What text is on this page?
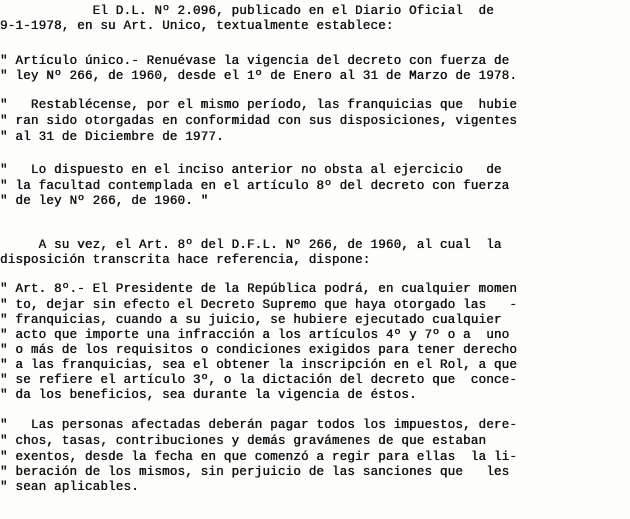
El D.L. Nº 2.096, publicado en el Diario Oficial  de
9-1-1978, en su Art. Unico, textualmente establece:
" Artículo único.- Renuévase la vigencia del decreto con fuerza de
" ley Nº 266, de 1960, desde el 1º de Enero al 31 de Marzo de 1978.
"   Restablécense, por el mismo período, las franquicias que  hubie
" ran sido otorgadas en conformidad con sus disposiciones, vigentes
" al 31 de Diciembre de 1977.
"   Lo dispuesto en el inciso anterior no obsta al ejercicio   de
" la facultad contemplada en el artículo 8º del decreto con fuerza
" de ley Nº 266, de 1960. "
A su vez, el Art. 8º del D.F.L. Nº 266, de 1960, al cual  la
disposición transcrita hace referencia, dispone:
" Art. 8º.- El Presidente de la República podrá, en cualquier momen
" to, dejar sin efecto el Decreto Supremo que haya otorgado las   -
" franquicias, cuando a su juicio, se hubiere ejecutado cualquier
" acto que importe una infracción a los artículos 4º y 7º o a  uno
" o más de los requisitos o condiciones exigidos para tener derecho
" a las franquicias, sea el obtener la inscripción en el Rol, a que
" se refiere el artículo 3º, o la dictación del decreto que  conce-
" da los beneficios, sea durante la vigencia de éstos.
"   Las personas afectadas deberán pagar todos los impuestos, dere-
" chos, tasas, contribuciones y demás gravámenes de que estaban
" exentos, desde la fecha en que comenzó a regir para ellas  la li-
" beración de los mismos, sin perjuicio de las sanciones que   les
" sean aplicables.
